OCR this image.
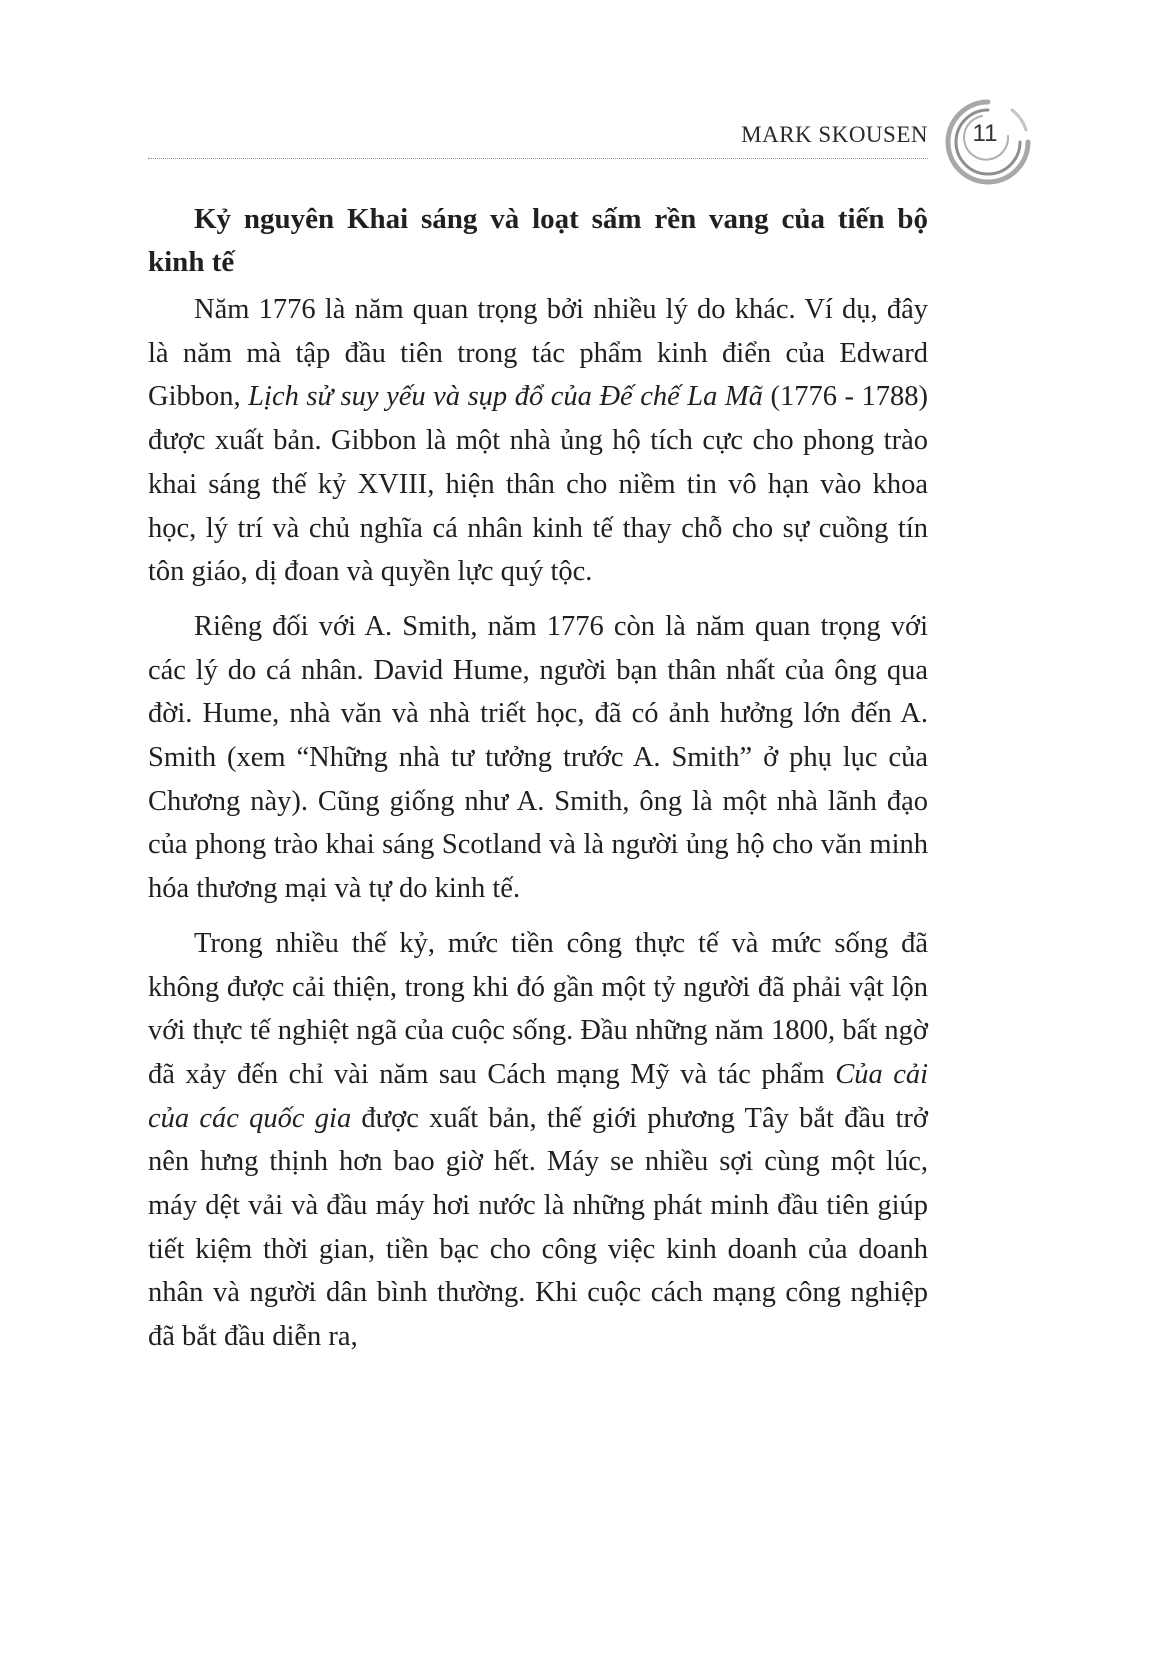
MARK SKOUSEN	11
Kỷ nguyên Khai sáng và loạt sấm rền vang của tiến bộ kinh tế

Năm 1776 là năm quan trọng bởi nhiều lý do khác. Ví dụ, đây là năm mà tập đầu tiên trong tác phẩm kinh điển của Edward Gibbon, Lịch sử suy yếu và sụp đổ của Đế chế La Mã (1776 - 1788) được xuất bản. Gibbon là một nhà ủng hộ tích cực cho phong trào khai sáng thế kỷ XVIII, hiện thân cho niềm tin vô hạn vào khoa học, lý trí và chủ nghĩa cá nhân kinh tế thay chỗ cho sự cuồng tín tôn giáo, dị đoan và quyền lực quý tộc.

Riêng đối với A. Smith, năm 1776 còn là năm quan trọng với các lý do cá nhân. David Hume, người bạn thân nhất của ông qua đời. Hume, nhà văn và nhà triết học, đã có ảnh hưởng lớn đến A. Smith (xem “Những nhà tư tưởng trước A. Smith” ở phụ lục của Chương này). Cũng giống như A. Smith, ông là một nhà lãnh đạo của phong trào khai sáng Scotland và là người ủng hộ cho văn minh hóa thương mại và tự do kinh tế.

Trong nhiều thế kỷ, mức tiền công thực tế và mức sống đã không được cải thiện, trong khi đó gần một tỷ người đã phải vật lộn với thực tế nghiệt ngã của cuộc sống. Đầu những năm 1800, bất ngờ đã xảy đến chỉ vài năm sau Cách mạng Mỹ và tác phẩm Của cải của các quốc gia được xuất bản, thế giới phương Tây bắt đầu trở nên hưng thịnh hơn bao giờ hết. Máy se nhiều sợi cùng một lúc, máy dệt vải và đầu máy hơi nước là những phát minh đầu tiên giúp tiết kiệm thời gian, tiền bạc cho công việc kinh doanh của doanh nhân và người dân bình thường. Khi cuộc cách mạng công nghiệp đã bắt đầu diễn ra,
